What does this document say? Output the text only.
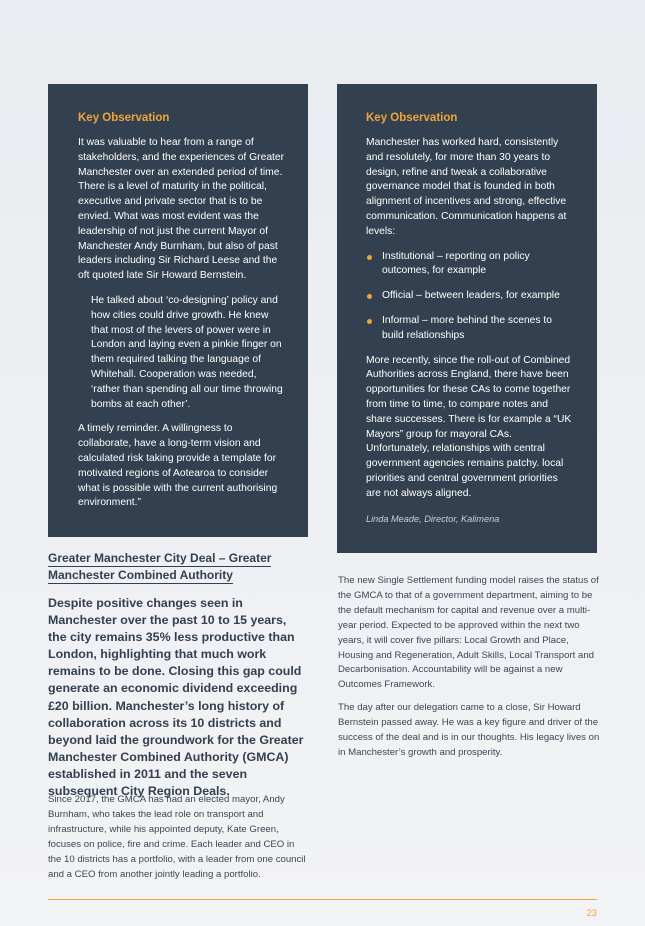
Key Observation

It was valuable to hear from a range of stakeholders, and the experiences of Greater Manchester over an extended period of time. There is a level of maturity in the political, executive and private sector that is to be envied. What was most evident was the leadership of not just the current Mayor of Manchester Andy Burnham, but also of past leaders including Sir Richard Leese and the oft quoted late Sir Howard Bernstein.

He talked about ‘co-designing’ policy and how cities could drive growth. He knew that most of the levers of power were in London and laying even a pinkie finger on them required talking the language of Whitehall. Cooperation was needed, ‘rather than spending all our time throwing bombs at each other’.

A timely reminder. A willingness to collaborate, have a long-term vision and calculated risk taking provide a template for motivated regions of Aotearoa to consider what is possible with the current authorising environment.”

Key Observation

Manchester has worked hard, consistently and resolutely, for more than 30 years to design, refine and tweak a collaborative governance model that is founded in both alignment of incentives and strong, effective communication. Communication happens at levels:

Institutional – reporting on policy outcomes, for example
Official – between leaders, for example
Informal – more behind the scenes to build relationships

More recently, since the roll-out of Combined Authorities across England, there have been opportunities for these CAs to come together from time to time, to compare notes and share successes. There is for example a “UK Mayors” group for mayoral CAs. Unfortunately, relationships with central government agencies remains patchy. local priorities and central government priorities are not always aligned.

Linda Meade, Director, Kalimena

Greater Manchester City Deal – Greater Manchester Combined Authority

Despite positive changes seen in Manchester over the past 10 to 15 years, the city remains 35% less productive than London, highlighting that much work remains to be done. Closing this gap could generate an economic dividend exceeding £20 billion. Manchester’s long history of collaboration across its 10 districts and beyond laid the groundwork for the Greater Manchester Combined Authority (GMCA) established in 2011 and the seven subsequent City Region Deals.

Since 2017, the GMCA has had an elected mayor, Andy Burnham, who takes the lead role on transport and infrastructure, while his appointed deputy, Kate Green, focuses on police, fire and crime. Each leader and CEO in the 10 districts has a portfolio, with a leader from one council and a CEO from another jointly leading a portfolio.

The new Single Settlement funding model raises the status of the GMCA to that of a government department, aiming to be the default mechanism for capital and revenue over a multi-year period. Expected to be approved within the next two years, it will cover five pillars: Local Growth and Place, Housing and Regeneration, Adult Skills, Local Transport and Decarbonisation. Accountability will be against a new Outcomes Framework.

The day after our delegation came to a close, Sir Howard Bernstein passed away. He was a key figure and driver of the success of the deal and is in our thoughts. His legacy lives on in Manchester’s growth and prosperity.

23
